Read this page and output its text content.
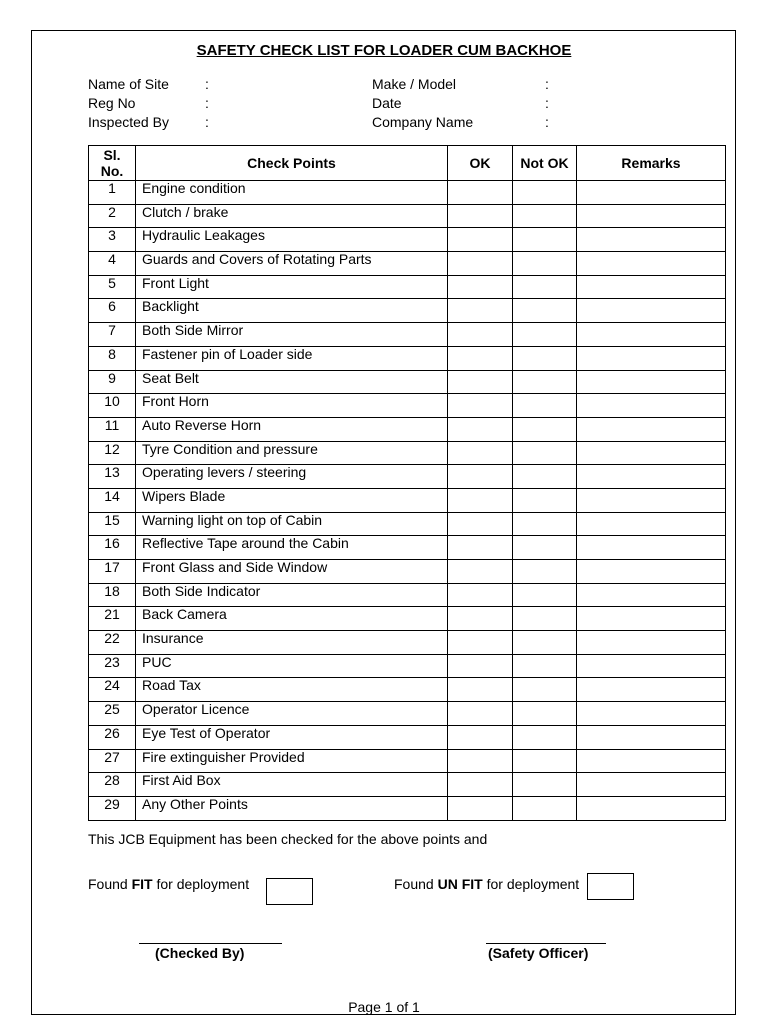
SAFETY CHECK LIST FOR LOADER CUM BACKHOE
Name of Site	:
Reg No	:
Inspected By	:
Make / Model	:
Date	:
Company Name	:
Sl.
No.	Check Points	OK	Not OK	Remarks
1	Engine condition			
2	Clutch / brake			
3	Hydraulic Leakages			
4	Guards and Covers of Rotating Parts			
5	Front Light			
6	Backlight			
7	Both Side Mirror			
8	Fastener pin of Loader side			
9	Seat Belt			
10	Front Horn			
11	Auto Reverse Horn			
12	Tyre Condition and pressure			
13	Operating levers / steering			
14	Wipers Blade			
15	Warning light on top of Cabin			
16	Reflective Tape around the Cabin			
17	Front Glass and Side Window			
18	Both Side Indicator			
21	Back Camera			
22	Insurance			
23	PUC			
24	Road Tax			
25	Operator Licence			
26	Eye Test of Operator			
27	Fire extinguisher Provided			
28	First Aid Box			
29	Any Other Points			
This JCB Equipment has been checked for the above points and
Found FIT for deployment	Found UN FIT for deployment
(Checked By)	(Safety Officer)
Page 1 of 1
